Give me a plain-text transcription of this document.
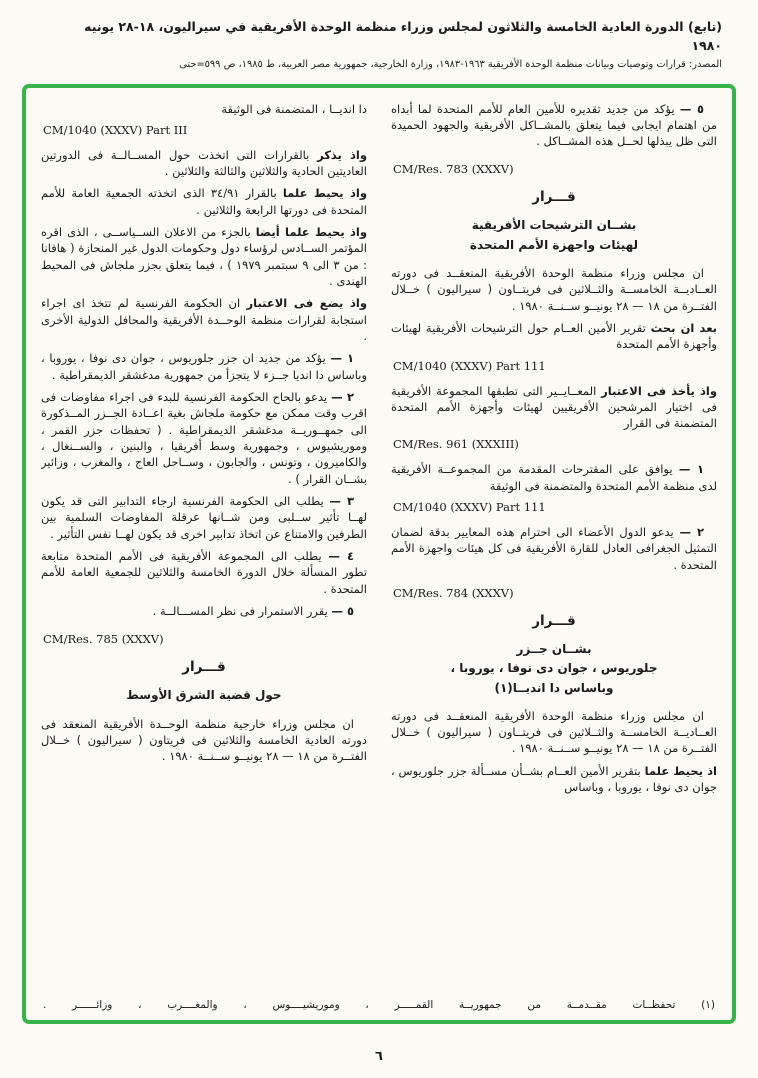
(تابع) الدورة العادية الخامسة والثلاثون لمجلس وزراء منظمة الوحدة الأفريقية في سيراليون، ١٨-٢٨ يونيه ١٩٨٠
المصدر: قرارات وتوصيات وبيانات منظمة الوحدة الأفريقية ١٩٦٣-١٩٨٣، وزارة الخارجية، جمهورية مصر العربية، ط ١٩٨٥، ص ٥٩٩=حتى

٥ — يؤكد من جديد تقديره للأمين العام للأمم المتحدة لما أبداه من اهتمام ايجابى فيما يتعلق بالمشــاكل الأفريقية والجهود الحميدة التى ظل يبذلها لحــل هذه المشــاكل .

CM/Res. 783 (XXXV)
قـــرار
بشــان الترشيحات الأفريقية
لهيئات واجهزة الأمم المتحدة

ان مجلس وزراء منظمة الوحدة الأفريقية المنعقــد فى دورته العــاديــة الخامســة والثــلاثين فى فريتــاون ( سيراليون ) خــلال الفتــرة من ١٨ — ٢٨ يونيــو ســنــة ١٩٨٠ .

بعد ان بحث تقرير الأمين العــام حول الترشيحات الأفريقية لهيئات وأجهزة الأمم المتحدة

CM/1040 (XXXV) Part 111

واذ يأخذ فى الاعتبار المعــايــير التى تطبقها المجموعة الأفريقية فى اختيار المرشحين الأفريقيين لهيئات وأجهزة الأمم المتحدة المتضمنة فى القرار

CM/Res. 961 (XXXIII)

١ — يوافق على المقترحات المقدمة من المجموعــة الأفريقية لدى منظمة الأمم المتحدة والمتضمنة فى الوثيقة

CM/1040 (XXXV) Part 111

٢ — يدعو الدول الأعضاء الى احترام هذه المعايير بدقة لضمان التمثيل الجغرافى العادل للقارة الأفريقية فى كل هيئات واجهزة الأمم المتحدة .

CM/Res. 784 (XXXV)
قـــرار
بشــان جــزر
جلوريوس ، جوان دى نوفا ، يوروبا ،
وباساس دا انديــا(١)

ان مجلس وزراء منظمة الوحدة الأفريقية المنعقــد فى دورته العــاديــة الخامســة والثــلاثين فى فريتــاون ( سيراليون ) خــلال الفتــرة من ١٨ — ٢٨ يونيــو ســنــة ١٩٨٠ .

اذ يحيط علما بتقرير الأمين العــام بشــأن مســألة جزر جلوريوس ، جوان دى نوفا ، يوروبا ، وباساس

دا انديــا ، المتضمنة فى الوثيقة

CM/1040 (XXXV) Part III

واذ يذكر بالقرارات التى اتخذت حول المســالــة فى الدورتين العاديتين الحادية والثلاثين والثالثة والثلاثين .

واذ يحيط علما بالقرار ٣٤/٩١ الذى اتخذته الجمعية العامة للأمم المتحدة فى دورتها الرابعة والثلاثين .

واذ يحيط علما أيضا بالجزء من الاعلان الســياســى ، الذى اقره المؤتمر الســادس لرؤساء دول وحكومات الدول غير المنحازة ( هافانا : من ٣ الى ٩ سبتمبر ١٩٧٩ ) ، فيما يتعلق بجزر ملجاش فى المحيط الهندى .

واذ يضع فى الاعتبار ان الحكومة الفرنسية لم تتخذ اى اجراء استجابة لقرارات منظمة الوحــدة الأفريقية والمحافل الدولية الأخرى .

١ — يؤكد من جديد ان جزر جلوريوس ، جوان دى نوفا ، يوروبا ، وباساس دا انديا جــزء لا يتجزأ من جمهورية مدغشقر الديمقراطية .

٢ — يدعو بالحاح الحكومة الفرنسية للبدء فى اجراء مفاوضات فى اقرب وقت ممكن مع حكومة ملجاش بغية اعــادة الجــزر المــذكورة الى جمهــوريــة مدغشقر الديمقراطية . ( تحفظات جزر القمر ، وموريشيوس ، وجمهورية وسط أفريقيا ، والبنين ، والســنغال ، والكاميرون ، وتونس ، والجابون ، وســاحل العاج ، والمغرب ، وزائير بشــان القرار ) .

٣ — يطلب الى الحكومة الفرنسية ارجاء التدابير التى قد يكون لهــا تأثير ســلبى ومن شــانها عرقلة المفاوضات السلمية بين الطرفين والامتناع عن اتخاذ تدابير اخرى قد يكون لهــا نفس التأثير .

٤ — يطلب الى المجموعة الأفريقية فى الأمم المتحدة متابعة تطور المسألة خلال الدورة الخامسة والثلاثين للجمعية العامة للأمم المتحدة .

٥ — يقرر الاستمرار فى نظر المســـالــة .

CM/Res. 785 (XXXV)
قـــرار
حول قضية الشرق الأوسط

ان مجلس وزراء خارجية منظمة الوحــدة الأفريقية المنعقد فى دورته العادية الخامسة والثلاثين فى فريتاون ( سيراليون ) خــلال الفتــرة من ١٨ — ٢٨ يونيــو ســنــة ١٩٨٠ .

(١) تحفظــات مقــدمــة من جمهوريــة القمـــــر ، وموريشيــــوس ، والمغــــرب ، وزائــــــر .
٦
